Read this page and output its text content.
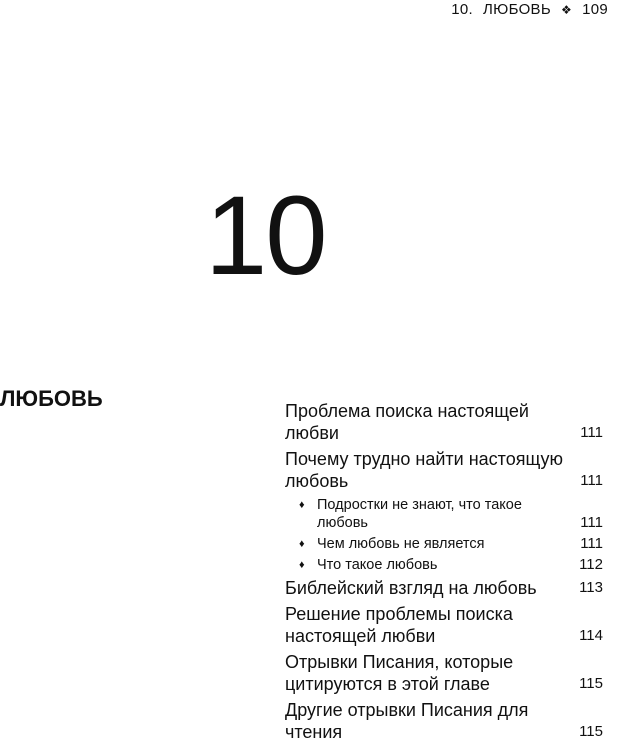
10. ЛЮБОВЬ ❖ 109
10
ЛЮБОВЬ	Проблема поиска настоящей любви	111
Почему трудно найти настоящую любовь	111
♦ Подростки не знают, что такое любовь	111
♦ Чем любовь не является	111
♦ Что такое любовь	112
Библейский взгляд на любовь	113
Решение проблемы поиска настоящей любви	114
Отрывки Писания, которые цитируются в этой главе	115
Другие отрывки Писания для чтения	115
